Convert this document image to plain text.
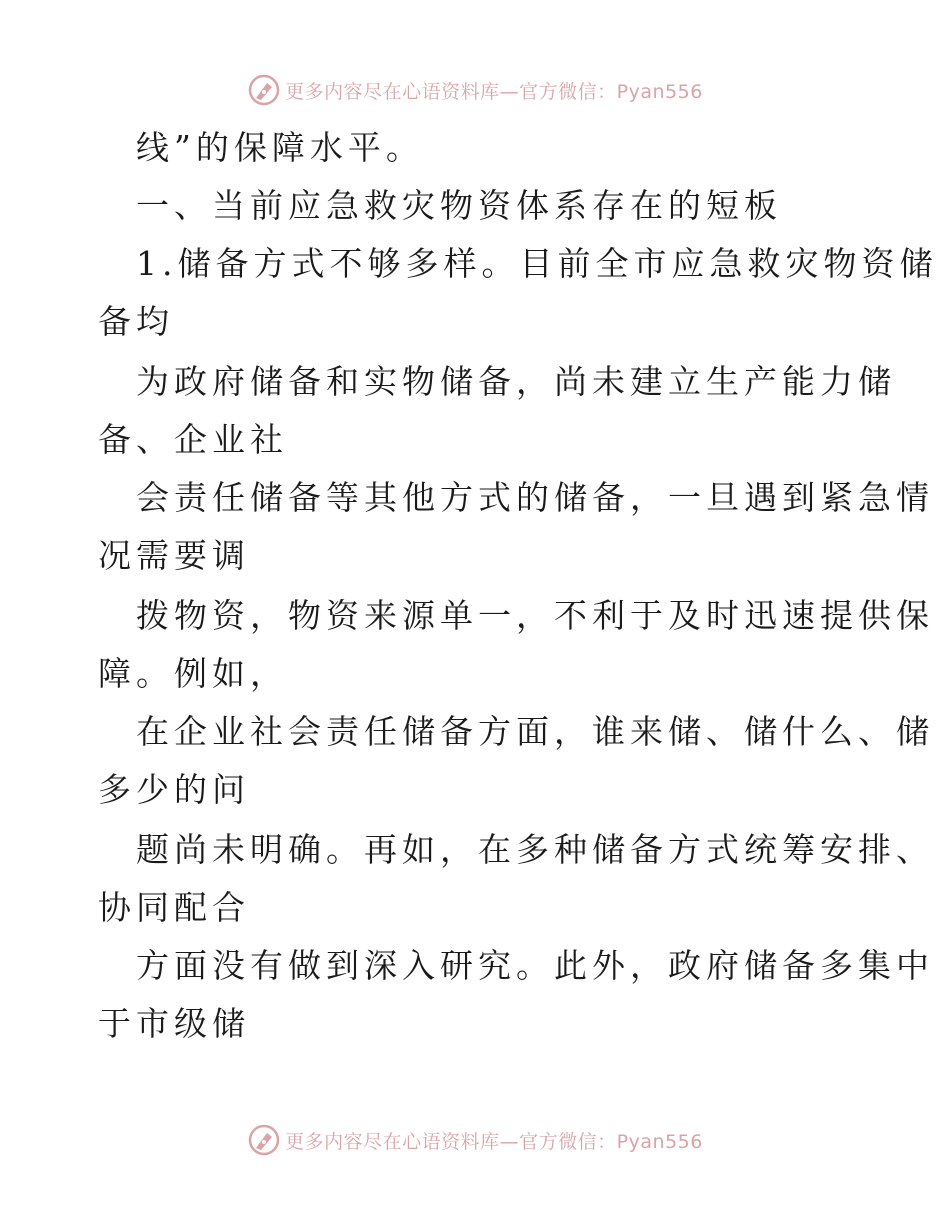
更多内容尽在心语资料库—官方微信：Pyan556
线”的保障水平。
一、当前应急救灾物资体系存在的短板
1.储备方式不够多样。目前全市应急救灾物资储
备均
为政府储备和实物储备，尚未建立生产能力储
备、企业社
会责任储备等其他方式的储备，一旦遇到紧急情
况需要调
拨物资，物资来源单一，不利于及时迅速提供保
障。例如，
在企业社会责任储备方面，谁来储、储什么、储
多少的问
题尚未明确。再如，在多种储备方式统筹安排、
协同配合
方面没有做到深入研究。此外，政府储备多集中
于市级储
更多内容尽在心语资料库—官方微信：Pyan556
